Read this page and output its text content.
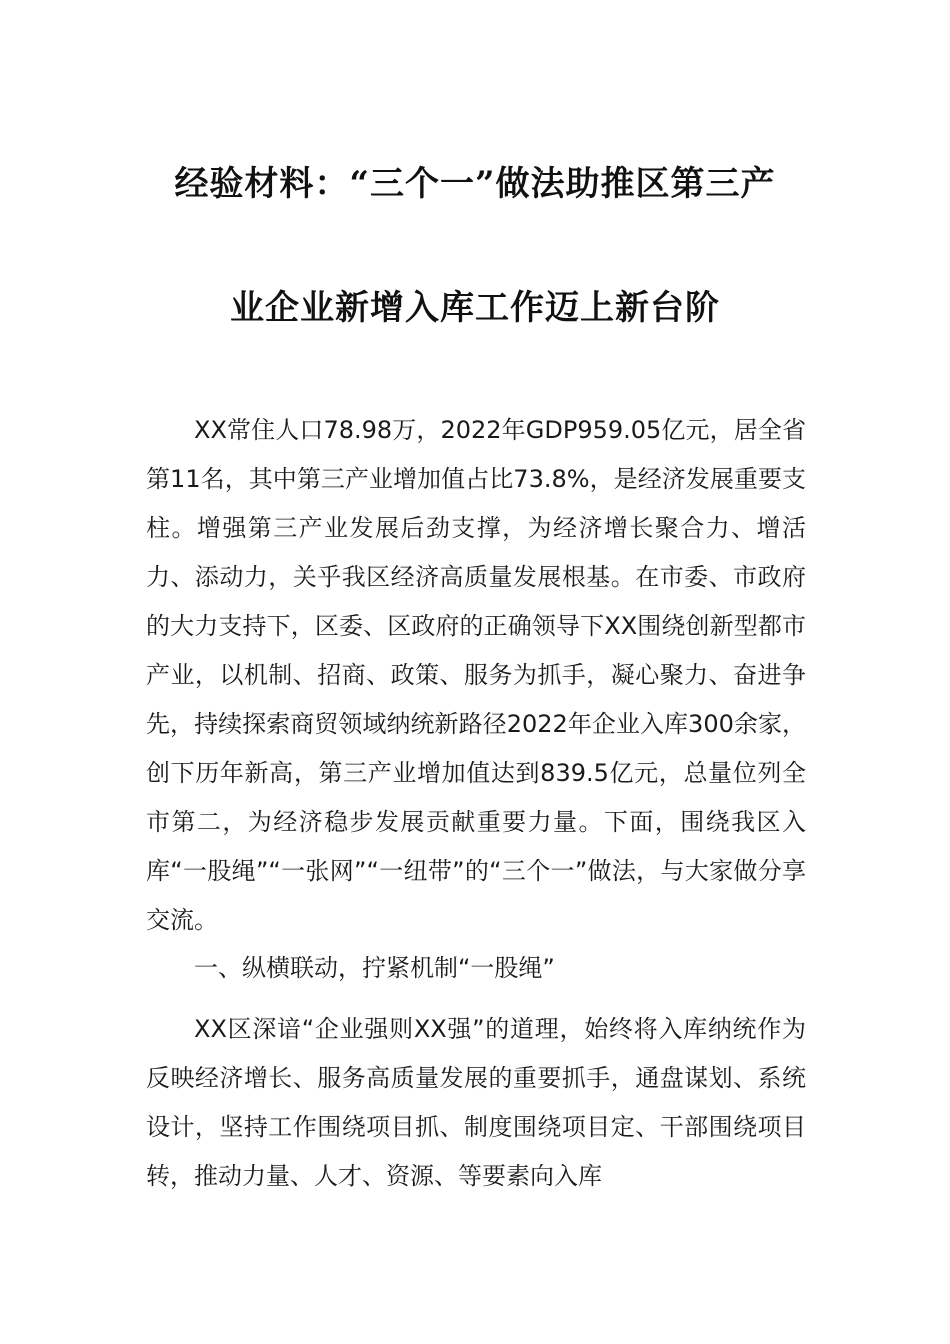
经验材料：“三个一”做法助推区第三产
业企业新增入库工作迈上新台阶

XX常住人口78.98万，2022年GDP959.05亿元，居全省第11名，其中第三产业增加值占比73.8%，是经济发展重要支柱。增强第三产业发展后劲支撑，为经济增长聚合力、增活力、添动力，关乎我区经济高质量发展根基。在市委、市政府的大力支持下，区委、区政府的正确领导下XX围绕创新型都市产业，以机制、招商、政策、服务为抓手，凝心聚力、奋进争先，持续探索商贸领域纳统新路径2022年企业入库300余家，创下历年新高，第三产业增加值达到839.5亿元，总量位列全市第二，为经济稳步发展贡献重要力量。下面，围绕我区入库“一股绳”“一张网”“一纽带”的“三个一”做法，与大家做分享交流。

一、纵横联动，拧紧机制“一股绳”

XX区深谙“企业强则XX强”的道理，始终将入库纳统作为反映经济增长、服务高质量发展的重要抓手，通盘谋划、系统设计，坚持工作围绕项目抓、制度围绕项目定、干部围绕项目转，推动力量、人才、资源、等要素向入库
